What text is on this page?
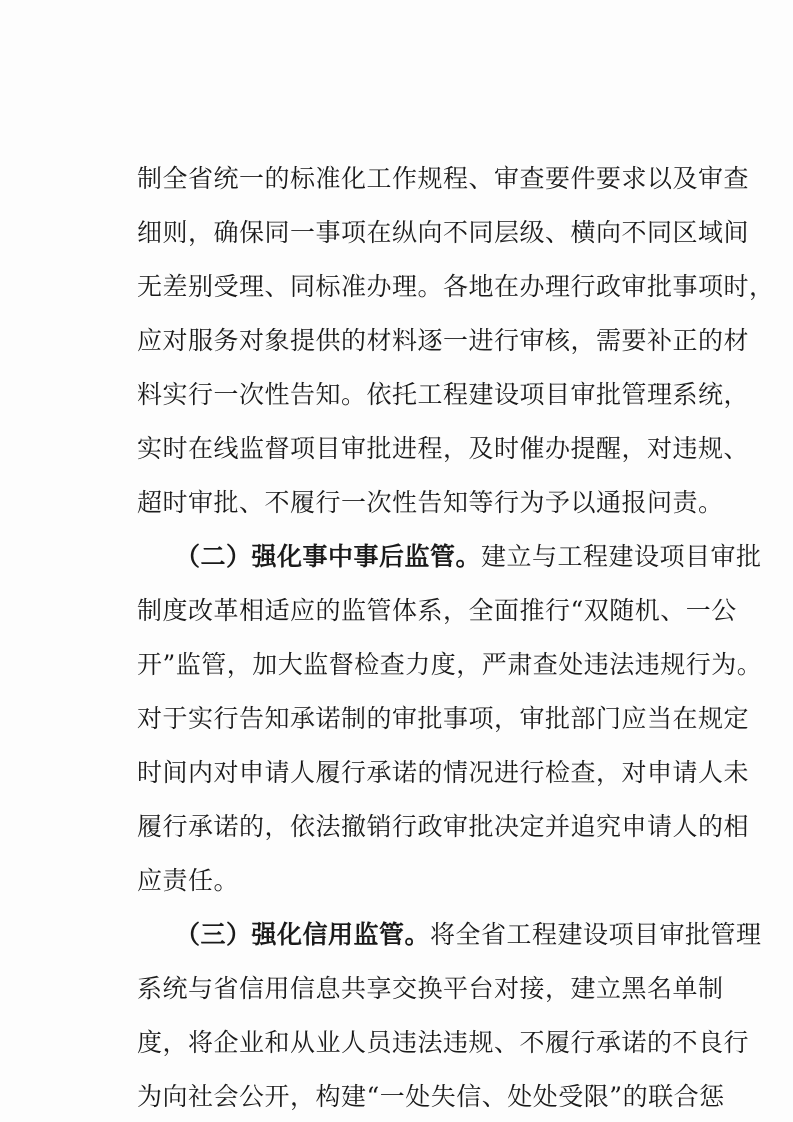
制全省统一的标准化工作规程、审查要件要求以及审查
细则，确保同一事项在纵向不同层级、横向不同区域间
无差别受理、同标准办理。各地在办理行政审批事项时，
应对服务对象提供的材料逐一进行审核，需要补正的材
料实行一次性告知。依托工程建设项目审批管理系统，
实时在线监督项目审批进程，及时催办提醒，对违规、
超时审批、不履行一次性告知等行为予以通报问责。
（二）强化事中事后监管。建立与工程建设项目审批
制度改革相适应的监管体系，全面推行“双随机、一公
开”监管，加大监督检查力度，严肃查处违法违规行为。
对于实行告知承诺制的审批事项，审批部门应当在规定
时间内对申请人履行承诺的情况进行检查，对申请人未
履行承诺的，依法撤销行政审批决定并追究申请人的相
应责任。
（三）强化信用监管。将全省工程建设项目审批管理
系统与省信用信息共享交换平台对接，建立黑名单制
度，将企业和从业人员违法违规、不履行承诺的不良行
为向社会公开，构建“一处失信、处处受限”的联合惩
